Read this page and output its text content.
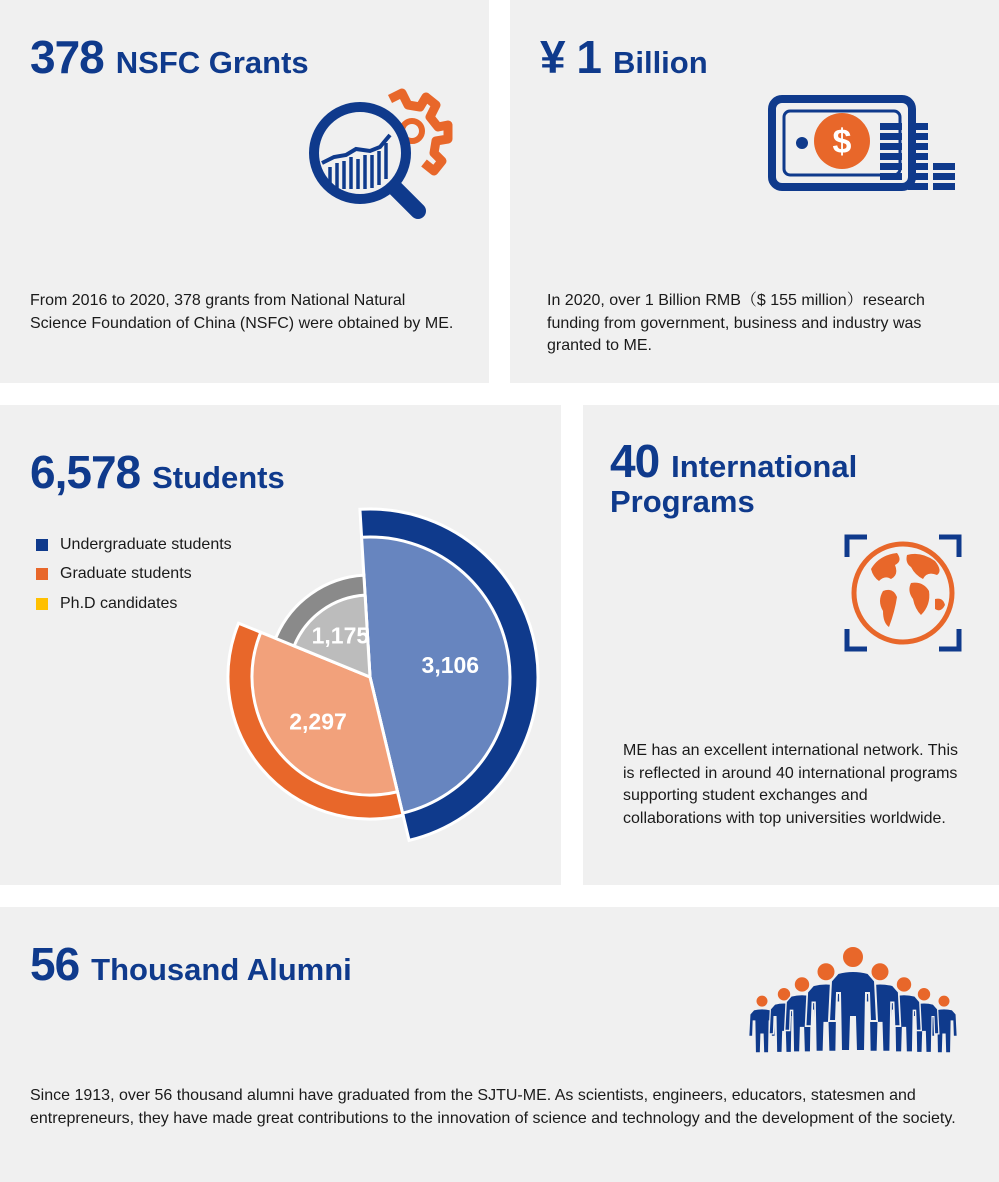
378 NSFC Grants

From 2016 to 2020, 378 grants from National Natural Science Foundation of China (NSFC) were obtained by ME.

¥ 1 Billion
$

In 2020, over 1 Billion RMB（$ 155 million）research funding from government, business and industry was granted to ME.

6,578 Students
Undergraduate students
Graduate students
Ph.D candidates
3,106
2,297
1,175
40 International
Programs

ME has an excellent international network. This is reflected in around 40 international programs supporting student exchanges and collaborations with top universities worldwide.

56 Thousand Alumni

Since 1913, over 56 thousand alumni have graduated from the SJTU-ME. As scientists, engineers, educators, statesmen and entrepreneurs, they have made great contributions to the innovation of science and technology and the development of the society.
